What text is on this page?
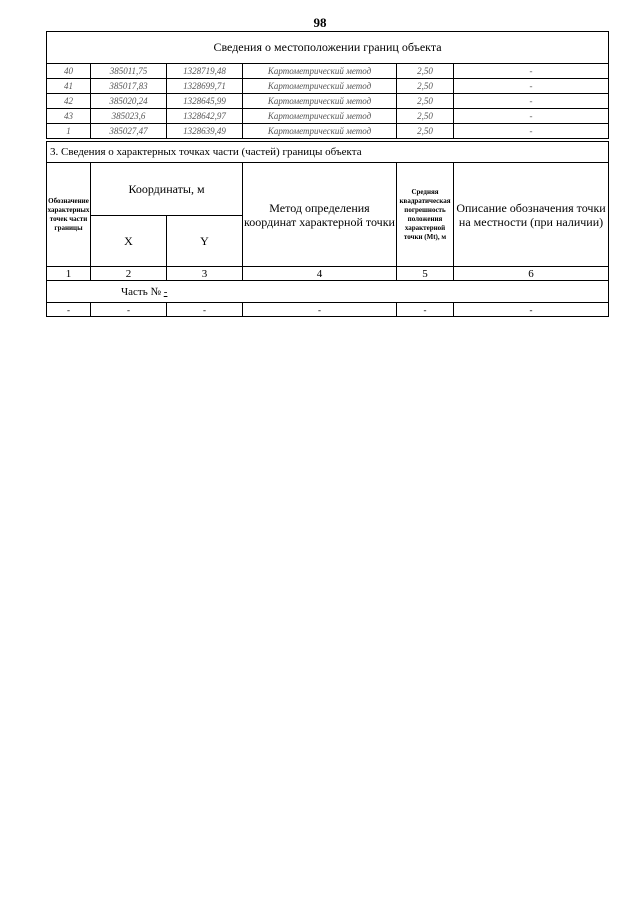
98
Сведения о местоположении границ объекта					
40	385011,75	1328719,48	Картометрический метод	2,50	-
41	385017,83	1328699,71	Картометрический метод	2,50	-
42	385020,24	1328645,99	Картометрический метод	2,50	-
43	385023,6	1328642,97	Картометрический метод	2,50	-
1	385027,47	1328639,49	Картометрический метод	2,50	-
3. Сведения о характерных точках части (частей) границы объекта					
Обозначение характерных точек части границы	Координаты, м		Метод определения координат характерной точки	Средняя квадратическая погрешность положения характерной точки (Mt), м	Описание обозначения точки на местности (при наличии)
	X	Y			
1	2	3	4	5	6
Часть № -					
-	-	-	-	-	-
